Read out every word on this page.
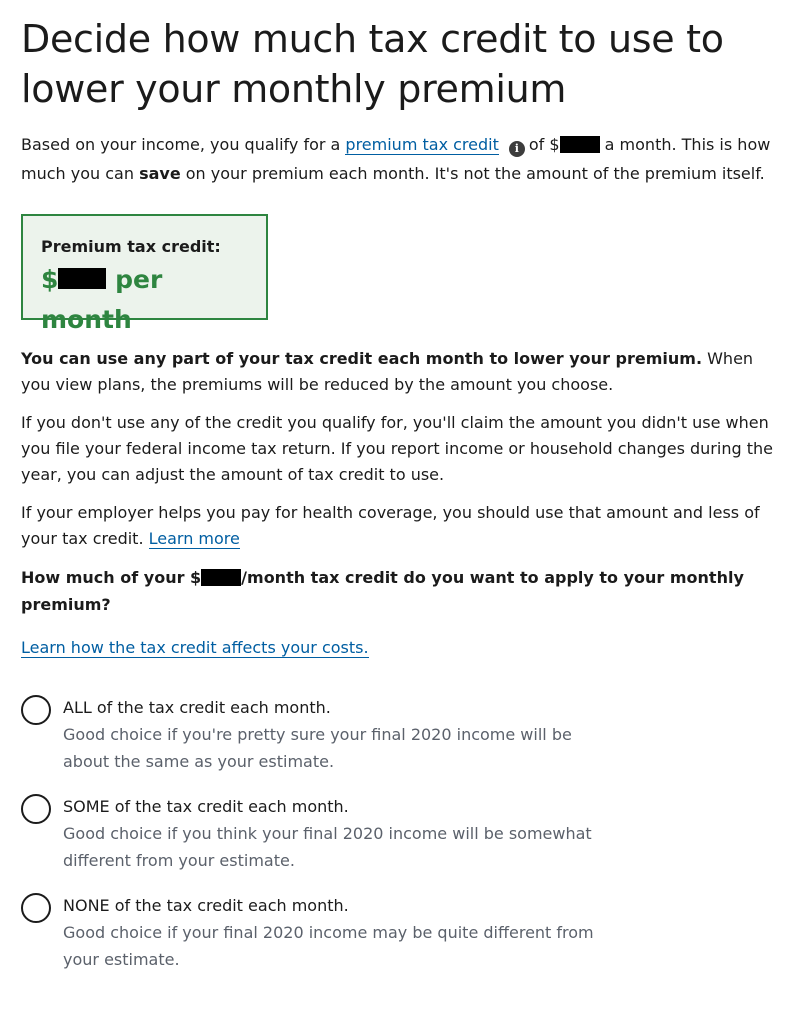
Decide how much tax credit to use to
lower your monthly premium

Based on your income, you qualify for a premium tax credit i of $	a month. This is how much you can save on your premium each month. It's not the amount of the premium itself.

Premium tax credit:
$ per month

You can use any part of your tax credit each month to lower your premium. When you view plans, the premiums will be reduced by the amount you choose.

If you don't use any of the credit you qualify for, you'll claim the amount you didn't use when you file your federal income tax return. If you report income or household changes during the year, you can adjust the amount of tax credit to use.

If your employer helps you pay for health coverage, you should use that amount and less of your tax credit. Learn more

How much of your $	/month tax credit do you want to apply to your monthly premium?

Learn how the tax credit affects your costs.

ALL of the tax credit each month.
Good choice if you're pretty sure your final 2020 income will be about the same as your estimate.
SOME of the tax credit each month.
Good choice if you think your final 2020 income will be somewhat different from your estimate.
NONE of the tax credit each month.
Good choice if your final 2020 income may be quite different from your estimate.
